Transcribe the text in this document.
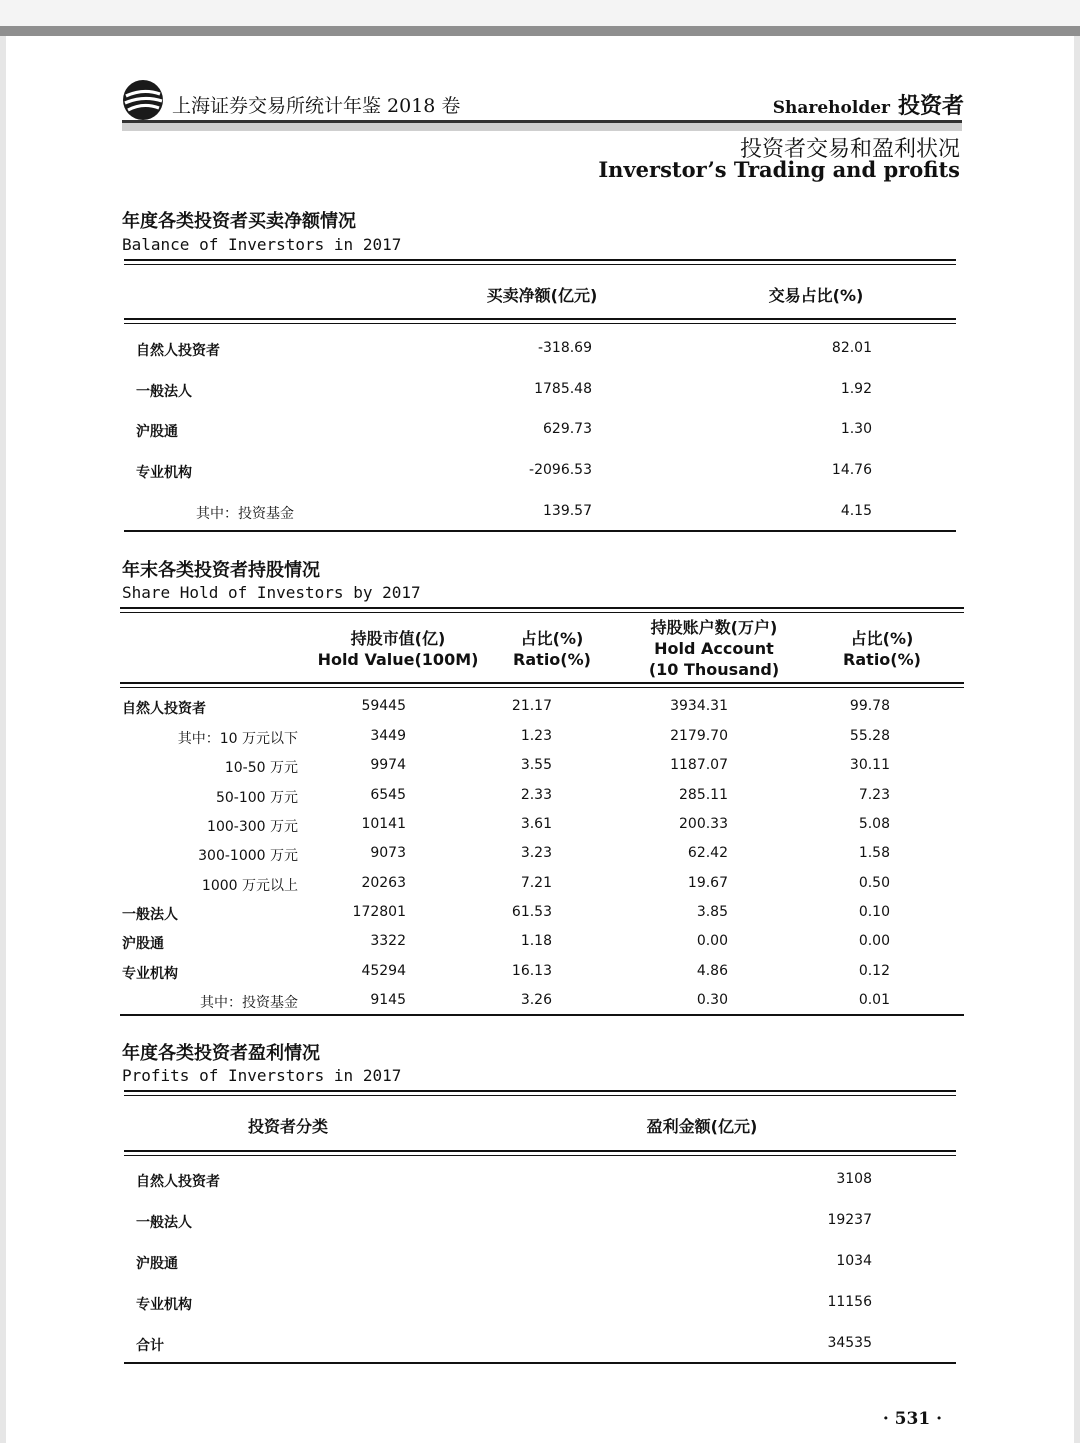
上海证券交易所统计年鉴 2018 卷	Shareholder 投资者
投资者交易和盈利状况
Inverstor’s Trading and profits
年度各类投资者买卖净额情况
Balance of Inverstors in 2017
买卖净额(亿元)	交易占比(%)
自然人投资者	-318.69	82.01
一般法人	1785.48	1.92
沪股通	629.73	1.30
专业机构	-2096.53	14.76
其中：投资基金	139.57	4.15
年末各类投资者持股情况
Share Hold of Investors by 2017
持股市值(亿)
Hold Value(100M)
占比(%)
Ratio(%)
持股账户数(万户)
Hold Account
(10 Thousand)
占比(%)
Ratio(%)
自然人投资者	59445	21.17	3934.31	99.78
其中：10 万元以下	3449	1.23	2179.70	55.28
10-50 万元	9974	3.55	1187.07	30.11
50-100 万元	6545	2.33	285.11	7.23
100-300 万元	10141	3.61	200.33	5.08
300-1000 万元	9073	3.23	62.42	1.58
1000 万元以上	20263	7.21	19.67	0.50
一般法人	172801	61.53	3.85	0.10
沪股通	3322	1.18	0.00	0.00
专业机构	45294	16.13	4.86	0.12
其中：投资基金	9145	3.26	0.30	0.01
年度各类投资者盈利情况
Profits of Inverstors in 2017
投资者分类	盈利金额(亿元)
自然人投资者	3108
一般法人	19237
沪股通	1034
专业机构	11156
合计	34535
· 531 ·
